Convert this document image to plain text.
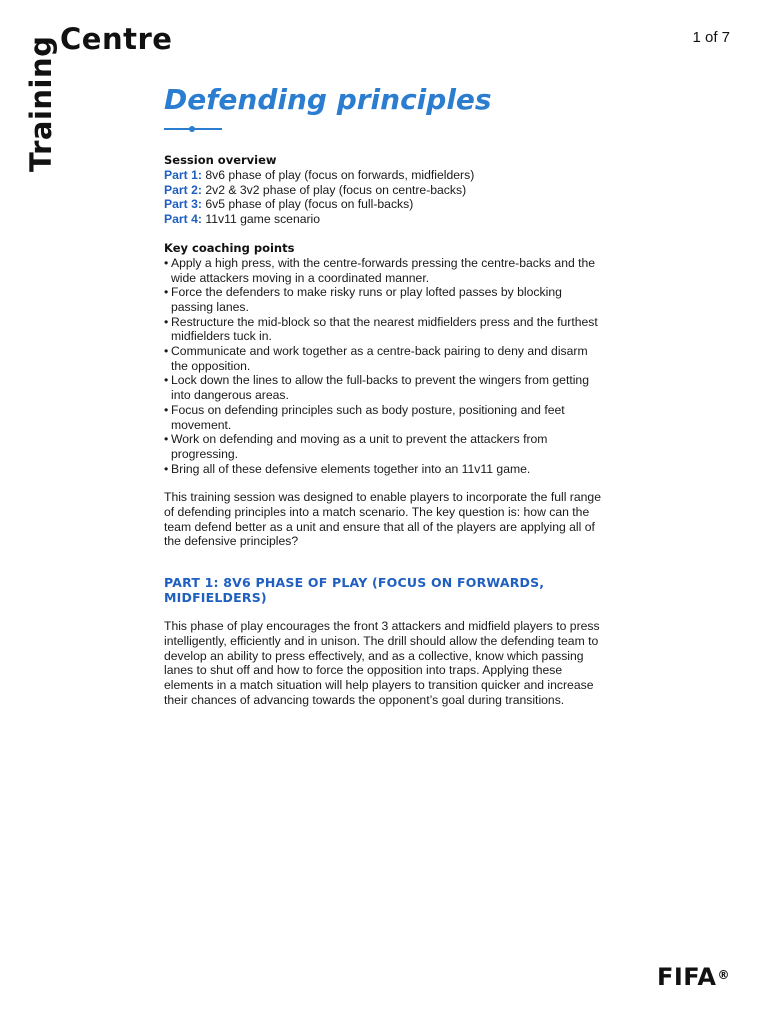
Training Centre	1 of 7
Defending principles
Session overview
Part 1: 8v6 phase of play (focus on forwards, midfielders)
Part 2: 2v2 & 3v2 phase of play (focus on centre-backs)
Part 3: 6v5 phase of play (focus on full-backs)
Part 4: 11v11 game scenario
Key coaching points
• Apply a high press, with the centre-forwards pressing the centre-backs and the wide attackers moving in a coordinated manner.
• Force the defenders to make risky runs or play lofted passes by blocking passing lanes.
• Restructure the mid-block so that the nearest midfielders press and the furthest midfielders tuck in.
• Communicate and work together as a centre-back pairing to deny and disarm the opposition.
• Lock down the lines to allow the full-backs to prevent the wingers from getting into dangerous areas.
• Focus on defending principles such as body posture, positioning and feet movement.
• Work on defending and moving as a unit to prevent the attackers from progressing.
• Bring all of these defensive elements together into an 11v11 game.

This training session was designed to enable players to incorporate the full range of defending principles into a match scenario. The key question is: how can the team defend better as a unit and ensure that all of the players are applying all of the defensive principles?

PART 1: 8V6 PHASE OF PLAY (FOCUS ON FORWARDS, MIDFIELDERS)

This phase of play encourages the front 3 attackers and midfield players to press intelligently, efficiently and in unison. The drill should allow the defending team to develop an ability to press effectively, and as a collective, know which passing lanes to shut off and how to force the opposition into traps. Applying these elements in a match situation will help players to transition quicker and increase their chances of advancing towards the opponent’s goal during transitions.

FIFA®
